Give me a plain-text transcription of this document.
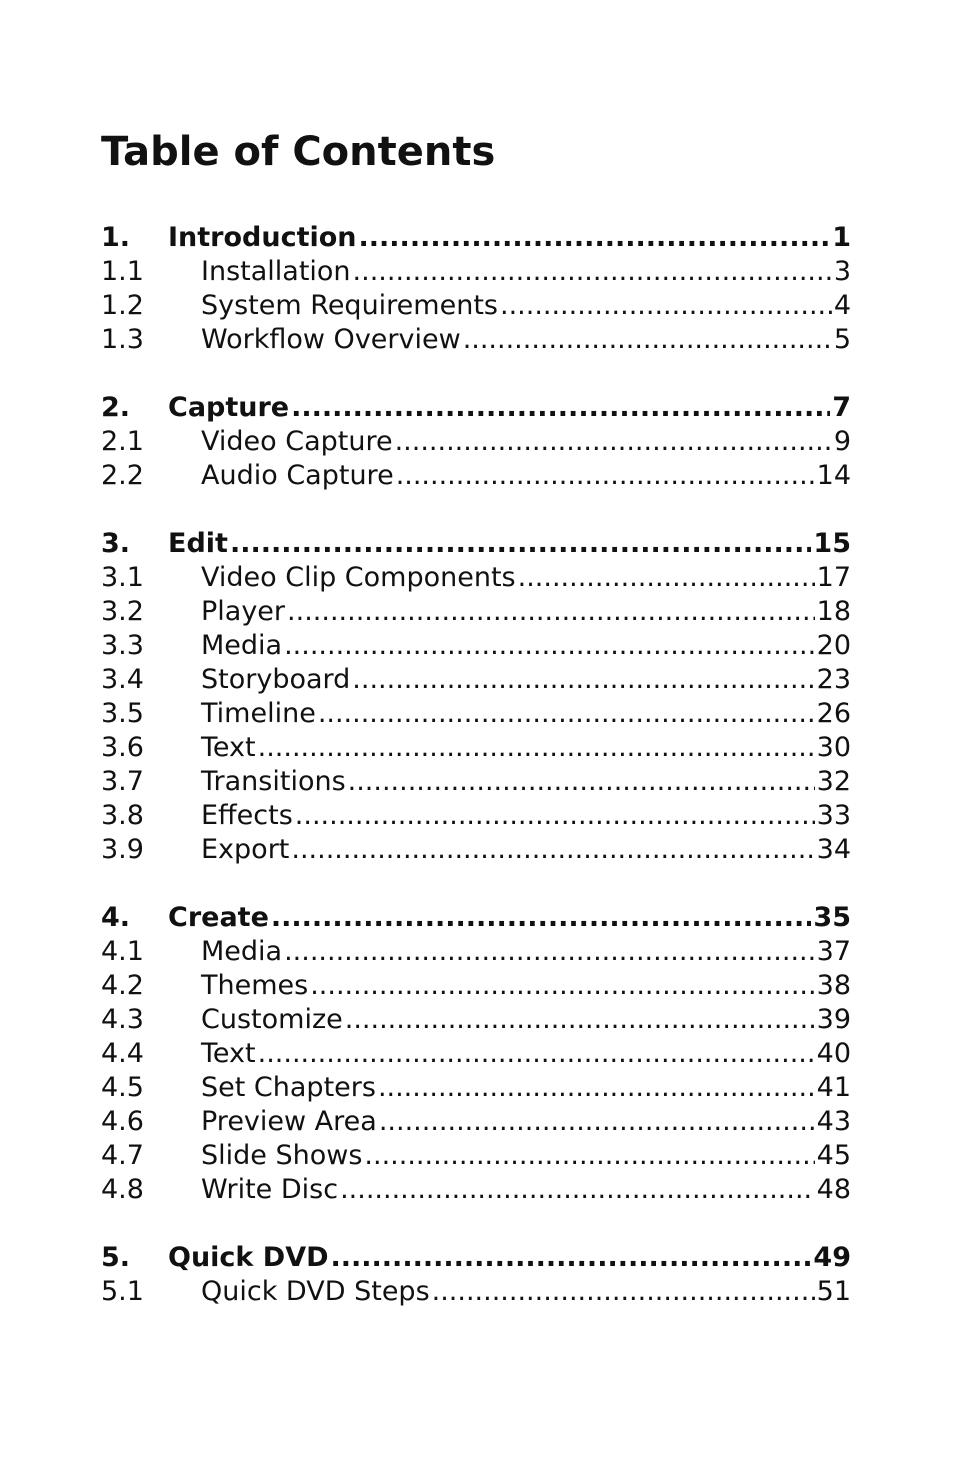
Table of Contents
1.	Introduction .....	1
1.1	Installation .....	3
1.2	System Requirements .....	4
1.3	Workflow Overview .....	5
2.	Capture .....	7
2.1	Video Capture .....	9
2.2	Audio Capture .....	14
3.	Edit .....	15
3.1	Video Clip Components .....	17
3.2	Player .....	18
3.3	Media .....	20
3.4	Storyboard .....	23
3.5	Timeline .....	26
3.6	Text .....	30
3.7	Transitions .....	32
3.8	Effects .....	33
3.9	Export .....	34
4.	Create .....	35
4.1	Media .....	37
4.2	Themes .....	38
4.3	Customize .....	39
4.4	Text .....	40
4.5	Set Chapters .....	41
4.6	Preview Area .....	43
4.7	Slide Shows .....	45
4.8	Write Disc .....	48
5.	Quick DVD .....	49
5.1	Quick DVD Steps .....	51
